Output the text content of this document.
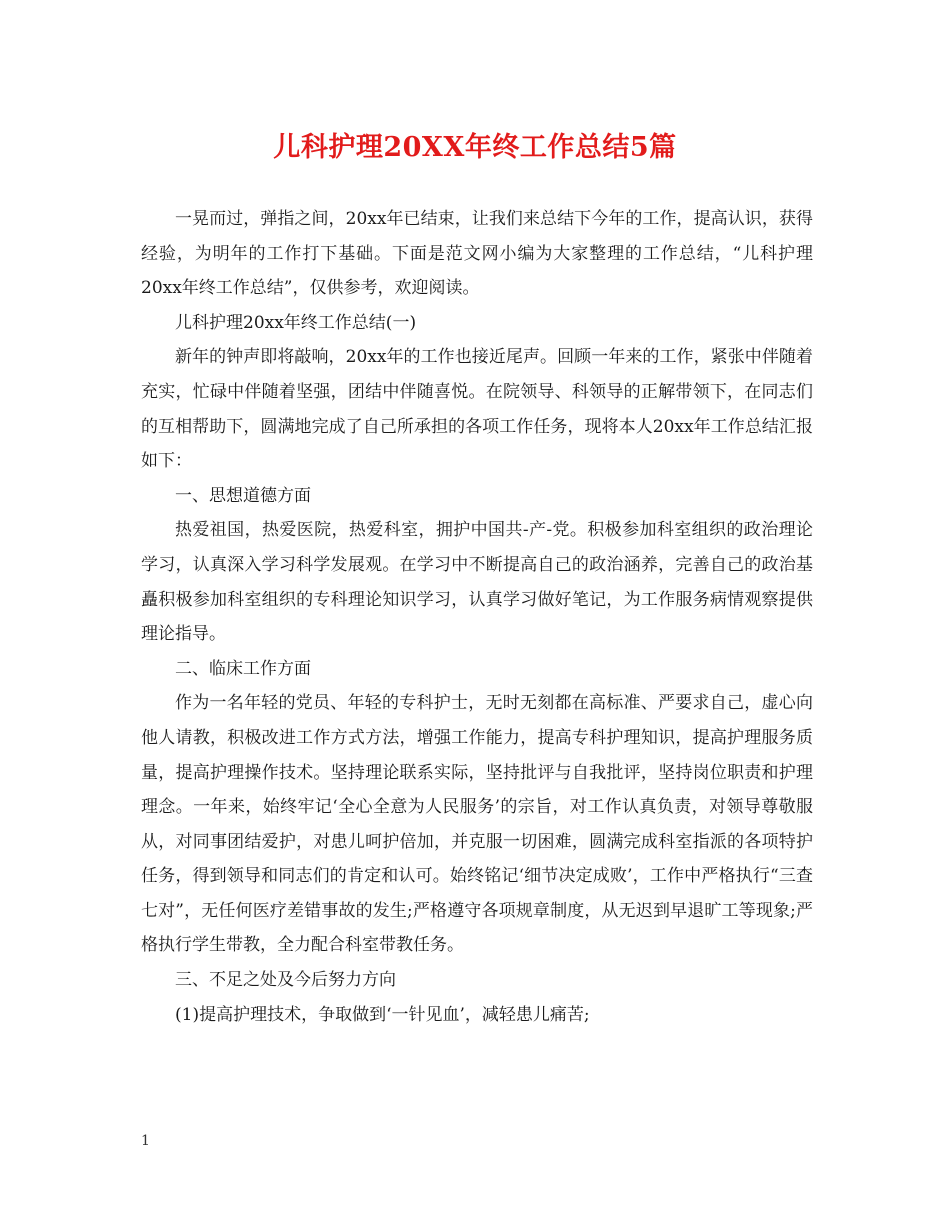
儿科护理20XX年终工作总结5篇

一晃而过，弹指之间，20xx年已结束，让我们来总结下今年的工作，提高认识，获得经验，为明年的工作打下基础。下面是范文网小编为大家整理的工作总结，“儿科护理20xx年终工作总结”，仅供参考，欢迎阅读。

儿科护理20xx年终工作总结(一)

新年的钟声即将敲响，20xx年的工作也接近尾声。回顾一年来的工作，紧张中伴随着充实，忙碌中伴随着坚强，团结中伴随喜悦。在院领导、科领导的正解带领下，在同志们的互相帮助下，圆满地完成了自己所承担的各项工作任务，现将本人20xx年工作总结汇报如下：

一、思想道德方面

热爱祖国，热爱医院，热爱科室，拥护中国共-产-党。积极参加科室组织的政治理论学习，认真深入学习科学发展观。在学习中不断提高自己的政治涵养，完善自己的政治基矗积极参加科室组织的专科理论知识学习，认真学习做好笔记，为工作服务病情观察提供理论指导。

二、临床工作方面

作为一名年轻的党员、年轻的专科护士，无时无刻都在高标准、严要求自己，虚心向他人请教，积极改进工作方式方法，增强工作能力，提高专科护理知识，提高护理服务质量，提高护理操作技术。坚持理论联系实际，坚持批评与自我批评，坚持岗位职责和护理理念。一年来，始终牢记‘全心全意为人民服务’的宗旨，对工作认真负责，对领导尊敬服从，对同事团结爱护，对患儿呵护倍加，并克服一切困难，圆满完成科室指派的各项特护任务，得到领导和同志们的肯定和认可。始终铭记‘细节决定成败’，工作中严格执行“三查七对”，无任何医疗差错事故的发生;严格遵守各项规章制度，从无迟到早退旷工等现象;严格执行学生带教，全力配合科室带教任务。

三、不足之处及今后努力方向

(1)提高护理技术，争取做到‘一针见血’，减轻患儿痛苦;

1
